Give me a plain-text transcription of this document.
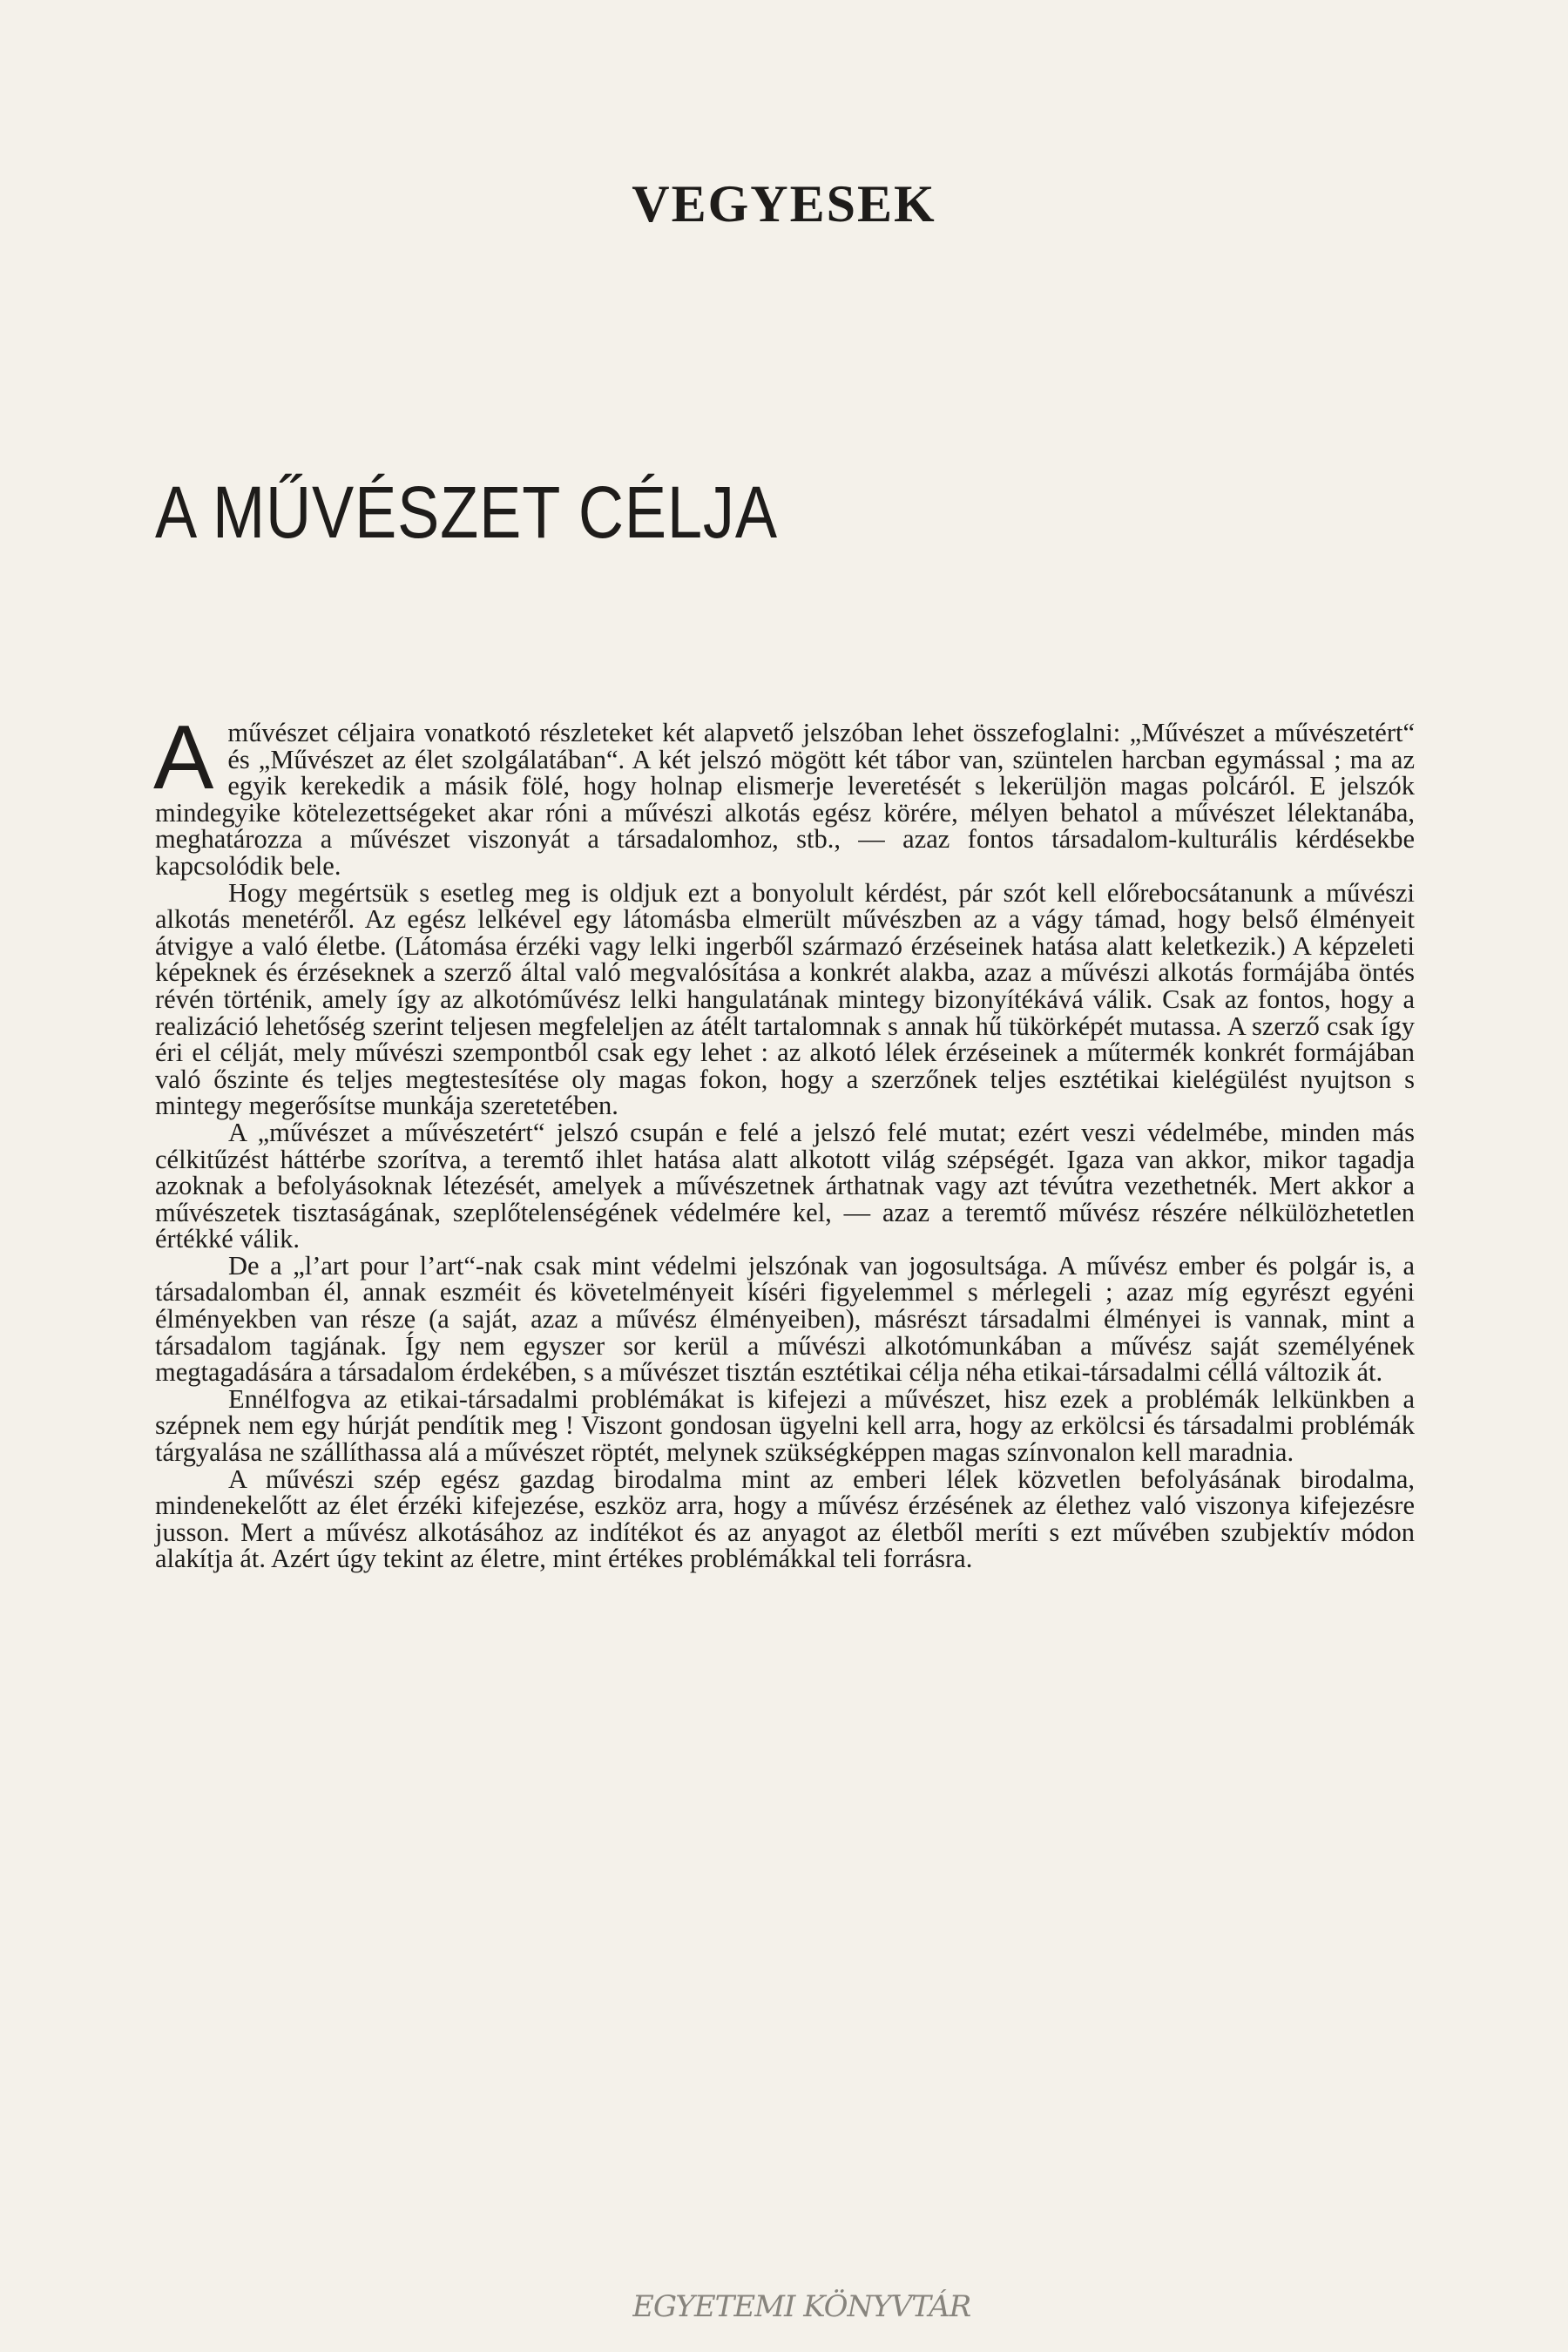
VEGYESEK
A MŰVÉSZET CÉLJA

A művészet céljaira vonatkotó részleteket két alapvető jelszóban lehet összefoglalni: „Művészet a művészetért“ és „Művészet az élet szolgálatában“. A két jelszó mögött két tábor van, szüntelen harcban egymással ; ma az egyik kerekedik a másik fölé, hogy holnap elismerje leveretését s lekerüljön magas polcáról. E jelszók mindegyike kötelezettségeket akar róni a művészi alkotás egész körére, mélyen behatol a művészet lélektanába, meghatározza a művészet viszonyát a társadalomhoz, stb., — azaz fontos társadalom-kulturális kérdésekbe kapcsolódik bele.

Hogy megértsük s esetleg meg is oldjuk ezt a bonyolult kérdést, pár szót kell előrebocsátanunk a művészi alkotás menetéről. Az egész lelkével egy látomásba elmerült művészben az a vágy támad, hogy belső élményeit átvigye a való életbe. (Látomása érzéki vagy lelki ingerből származó érzéseinek hatása alatt keletkezik.) A képzeleti képeknek és érzéseknek a szerző által való megvalósítása a konkrét alakba, azaz a művészi alkotás formájába öntés révén történik, amely így az alkotóművész lelki hangulatának mintegy bizonyítékává válik. Csak az fontos, hogy a realizáció lehetőség szerint teljesen megfeleljen az átélt tartalomnak s annak hű tükörképét mutassa. A szerző csak így éri el célját, mely művészi szempontból csak egy lehet : az alkotó lélek érzéseinek a műtermék konkrét formájában való őszinte és teljes megtestesítése oly magas fokon, hogy a szerzőnek teljes esztétikai kielégülést nyujtson s mintegy megerősítse munkája szeretetében.

A „művészet a művészetért“ jelszó csupán e felé a jelszó felé mutat; ezért veszi védelmébe, minden más célkitűzést háttérbe szorítva, a teremtő ihlet hatása alatt alkotott világ szépségét. Igaza van akkor, mikor tagadja azoknak a befolyásoknak létezését, amelyek a művészetnek árthatnak vagy azt tévútra vezethetnék. Mert akkor a művészetek tisztaságának, szeplőtelenségének védelmére kel, — azaz a teremtő művész részére nélkülözhetetlen értékké válik.

De a „l’art pour l’art“-nak csak mint védelmi jelszónak van jogosultsága. A művész ember és polgár is, a társadalomban él, annak eszméit és követelményeit kíséri figyelemmel s mérlegeli ; azaz míg egyrészt egyéni élményekben van része (a saját, azaz a művész élményeiben), másrészt társadalmi élményei is vannak, mint a társadalom tagjának. Így nem egyszer sor kerül a művészi alkotómunkában a művész saját személyének megtagadására a társadalom érdekében, s a művészet tisztán esztétikai célja néha etikai-társadalmi céllá változik át.

Ennélfogva az etikai-társadalmi problémákat is kifejezi a művészet, hisz ezek a problémák lelkünkben a szépnek nem egy húrját pendítik meg ! Viszont gondosan ügyelni kell arra, hogy az erkölcsi és társadalmi problémák tárgyalása ne szállíthassa alá a művészet röptét, melynek szükségképpen magas színvonalon kell maradnia.

A művészi szép egész gazdag birodalma mint az emberi lélek közvetlen befolyásának birodalma, mindenekelőtt az élet érzéki kifejezése, eszköz arra, hogy a művész érzésének az élethez való viszonya kifejezésre jusson. Mert a művész alkotásához az indítékot és az anyagot az életből meríti s ezt művében szubjektív módon alakítja át. Azért úgy tekint az életre, mint értékes problémákkal teli forrásra.

EGYETEMI KÖNYVTÁR
